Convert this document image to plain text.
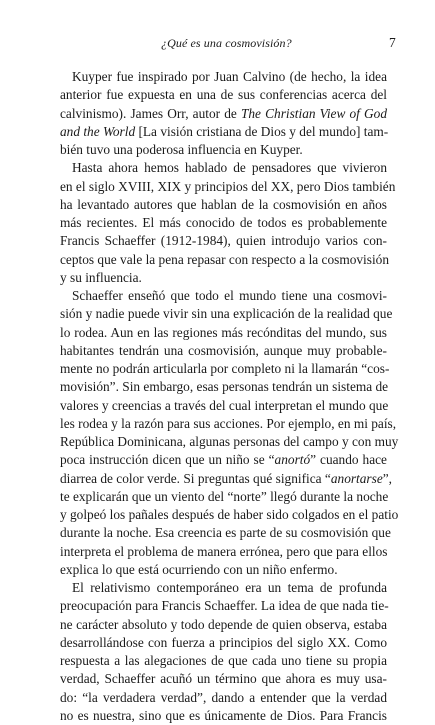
¿Qué es una cosmovisión?	7
Kuyper fue inspirado por Juan Calvino (de hecho, la idea
anterior fue expuesta en una de sus conferencias acerca del
calvinismo). James Orr, autor de The Christian View of God
and the World [La visión cristiana de Dios y del mundo] tam-
bién tuvo una poderosa influencia en Kuyper.
Hasta ahora hemos hablado de pensadores que vivieron
en el siglo XVIII, XIX y principios del XX, pero Dios también
ha levantado autores que hablan de la cosmovisión en años
más recientes. El más conocido de todos es probablemente
Francis Schaeffer (1912-1984), quien introdujo varios con-
ceptos que vale la pena repasar con respecto a la cosmovisión
y su influencia.
Schaeffer enseñó que todo el mundo tiene una cosmovi-
sión y nadie puede vivir sin una explicación de la realidad que
lo rodea. Aun en las regiones más recónditas del mundo, sus
habitantes tendrán una cosmovisión, aunque muy probable-
mente no podrán articularla por completo ni la llamarán “cos-
movisión”. Sin embargo, esas personas tendrán un sistema de
valores y creencias a través del cual interpretan el mundo que
les rodea y la razón para sus acciones. Por ejemplo, en mi país,
República Dominicana, algunas personas del campo y con muy
poca instrucción dicen que un niño se “anortó” cuando hace
diarrea de color verde. Si preguntas qué significa “anortarse”,
te explicarán que un viento del “norte” llegó durante la noche
y golpeó los pañales después de haber sido colgados en el patio
durante la noche. Esa creencia es parte de su cosmovisión que
interpreta el problema de manera errónea, pero que para ellos
explica lo que está ocurriendo con un niño enfermo.
El relativismo contemporáneo era un tema de profunda
preocupación para Francis Schaeffer. La idea de que nada tie-
ne carácter absoluto y todo depende de quien observa, estaba
desarrollándose con fuerza a principios del siglo XX. Como
respuesta a las alegaciones de que cada uno tiene su propia
verdad, Schaeffer acuñó un término que ahora es muy usa-
do: “la verdadera verdad”, dando a entender que la verdad
no es nuestra, sino que es únicamente de Dios. Para Francis
